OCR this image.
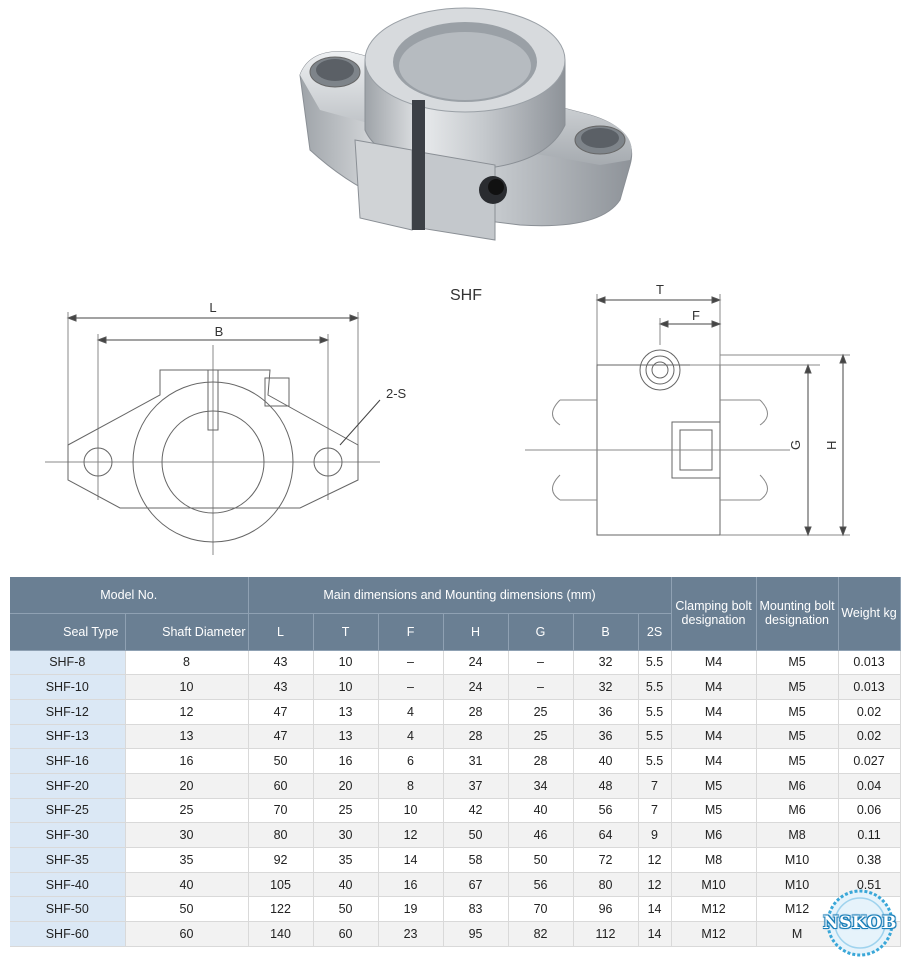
L
B
2-S
SHF	T
F
G H
Model No.		Main dimensions and Mounting dimensions (mm)							Clamping bolt designation	Mounting bolt designation	Weight kg
Seal Type	Shaft Diameter	L	T	F	H	G	B	2S			
SHF-8	8	43	10	–	24	–	32	5.5	M4	M5	0.013
SHF-10	10	43	10	–	24	–	32	5.5	M4	M5	0.013
SHF-12	12	47	13	4	28	25	36	5.5	M4	M5	0.02
SHF-13	13	47	13	4	28	25	36	5.5	M4	M5	0.02
SHF-16	16	50	16	6	31	28	40	5.5	M4	M5	0.027
SHF-20	20	60	20	8	37	34	48	7	M5	M6	0.04
SHF-25	25	70	25	10	42	40	56	7	M5	M6	0.06
SHF-30	30	80	30	12	50	46	64	9	M6	M8	0.11
SHF-35	35	92	35	14	58	50	72	12	M8	M10	0.38
SHF-40	40	105	40	16	67	56	80	12	M10	M10	0.51
SHF-50	50	122	50	19	83	70	96	14	M12	M12	
SHF-60	60	140	60	23	95	82	112	14	M12	M	
NSKOB
